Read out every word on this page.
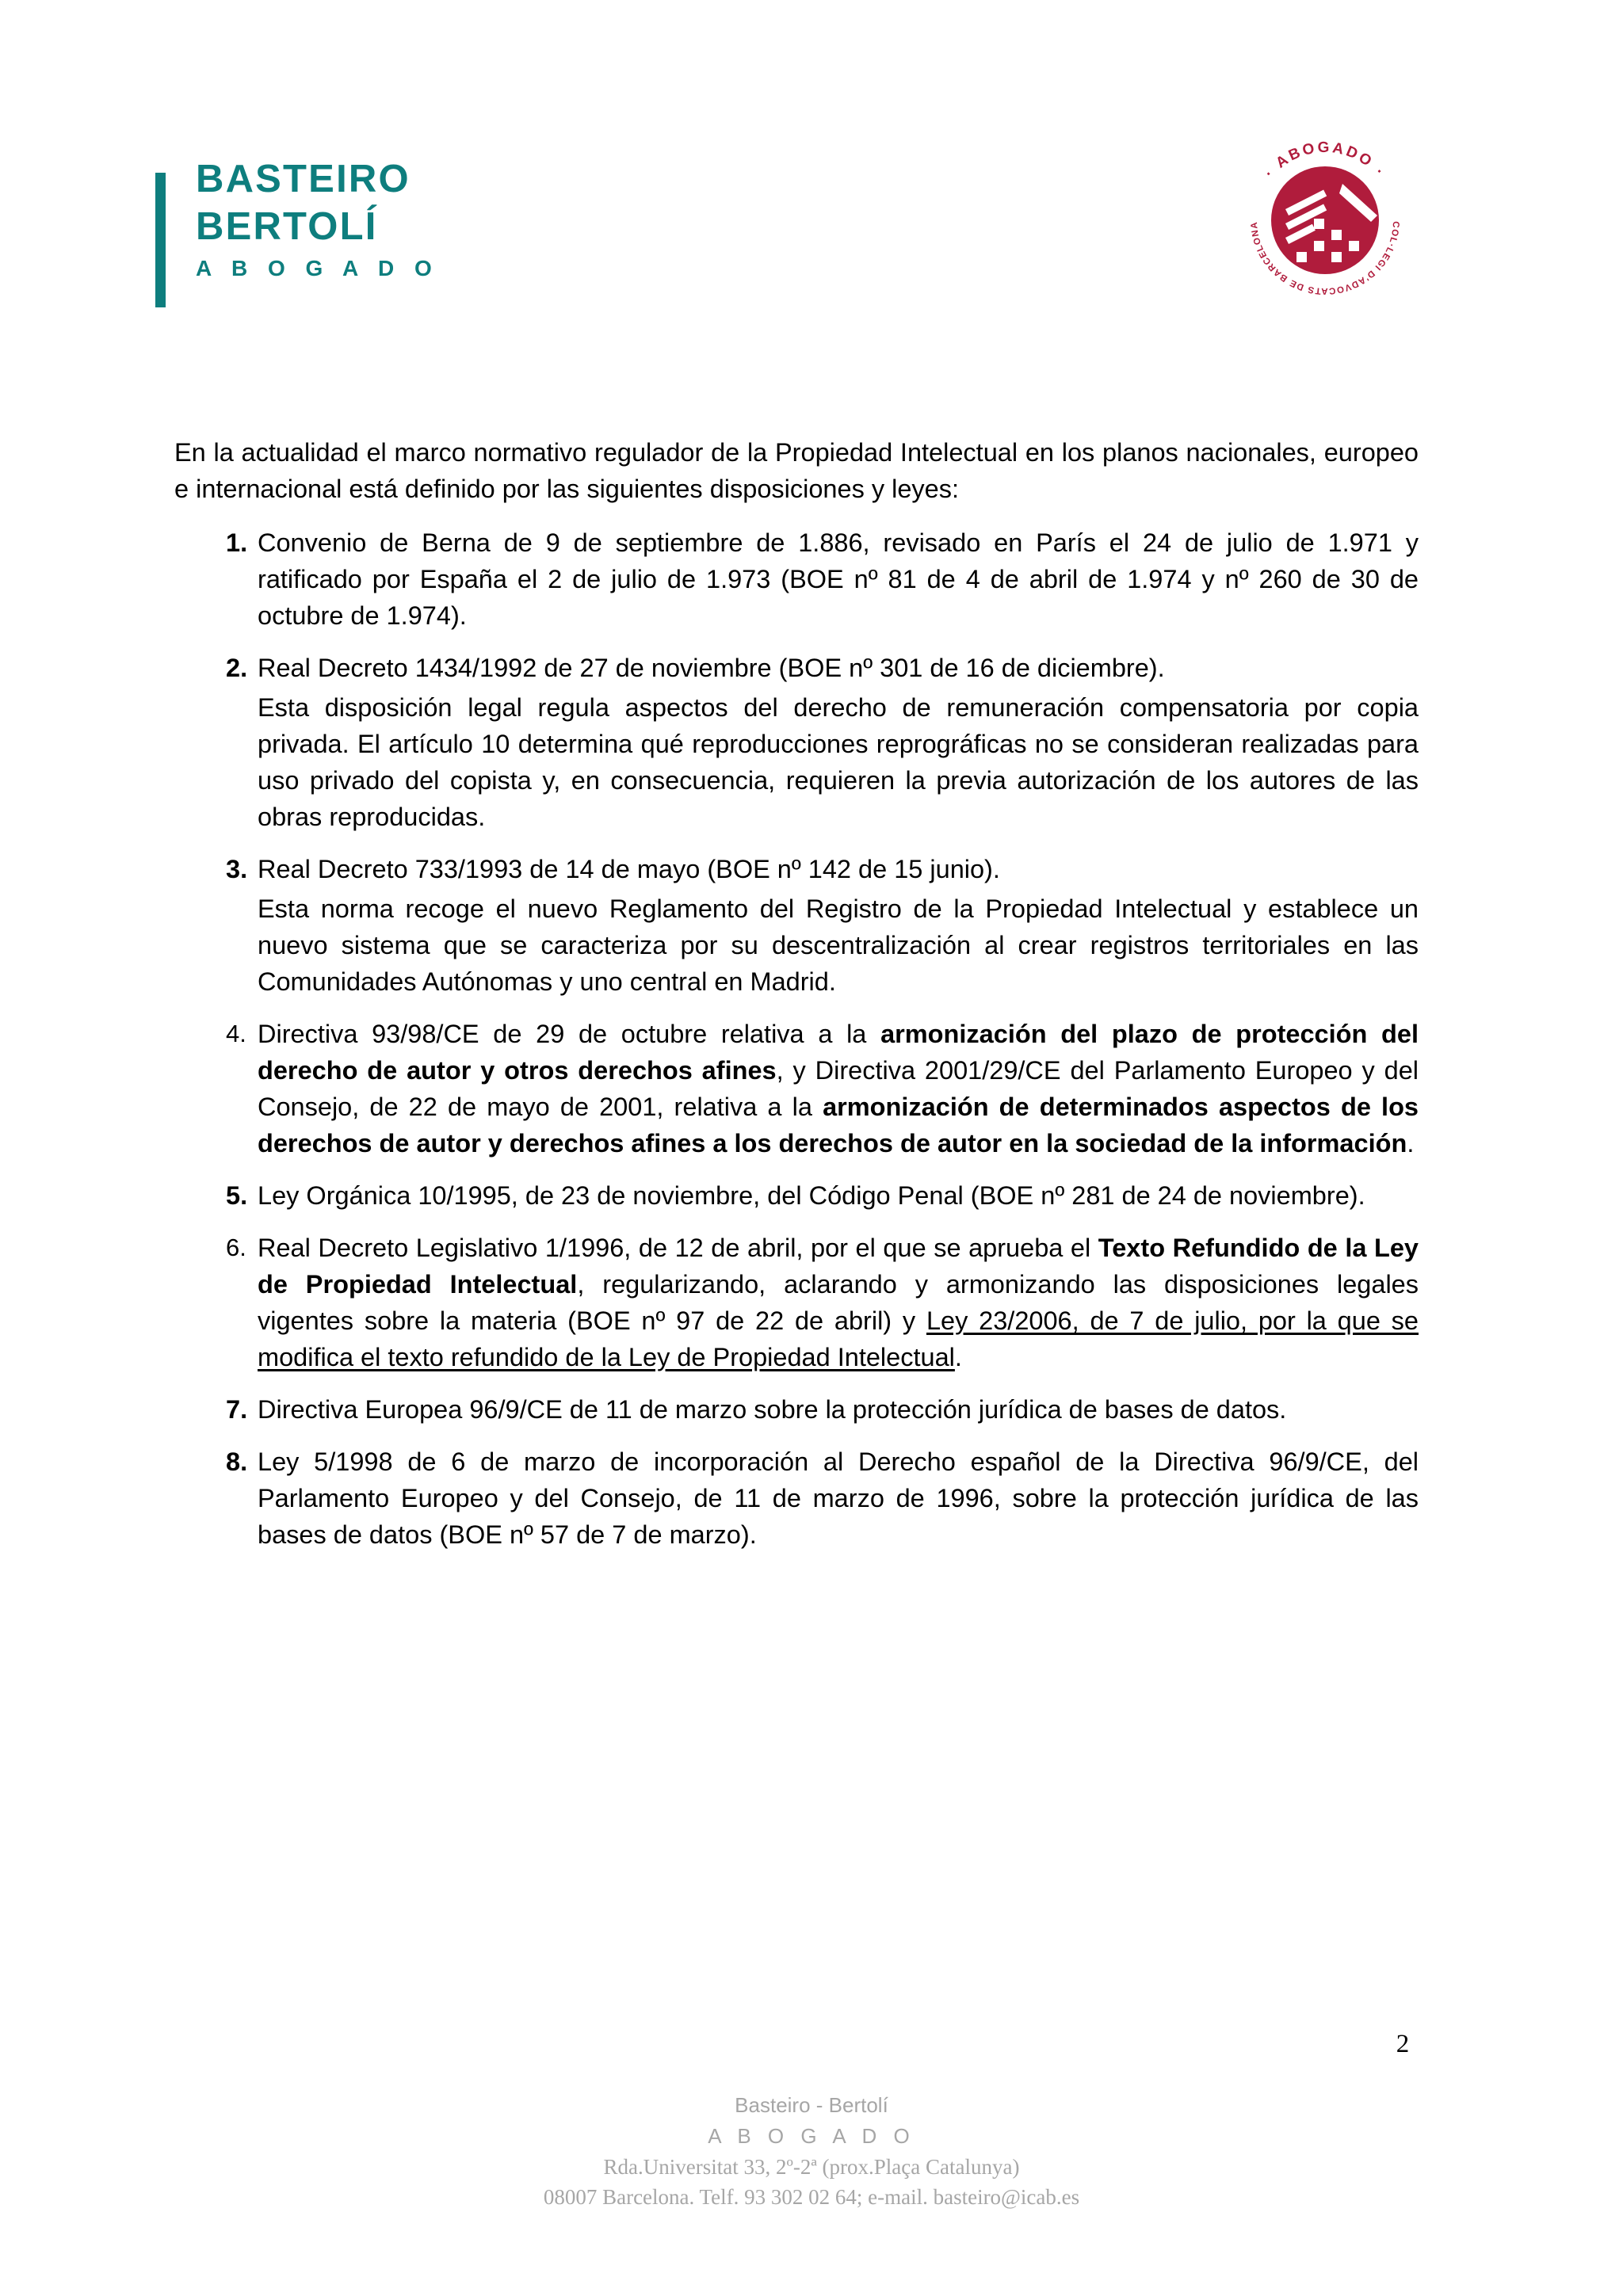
BASTEIRO
BERTOLÍ
A B O G A D O
· ABOGADO ·
COL·LEGI D'ADVOCATS DE BARCELONA

En la actualidad el marco normativo regulador de la Propiedad Intelectual en los planos nacionales, europeo e internacional está definido por las siguientes disposiciones y leyes:

1. Convenio de Berna de 9 de septiembre de 1.886, revisado en París el 24 de julio de 1.971 y ratificado por España el 2 de julio de 1.973 (BOE nº 81 de 4 de abril de 1.974 y nº 260 de 30 de octubre de 1.974).

2. Real Decreto 1434/1992 de 27 de noviembre (BOE nº 301 de 16 de diciembre).

Esta disposición legal regula aspectos del derecho de remuneración compensatoria por copia privada. El artículo 10 determina qué reproducciones reprográficas no se consideran realizadas para uso privado del copista y, en consecuencia, requieren la previa autorización de los autores de las obras reproducidas.

3. Real Decreto 733/1993 de 14 de mayo (BOE nº 142 de 15 junio).

Esta norma recoge el nuevo Reglamento del Registro de la Propiedad Intelectual y establece un nuevo sistema que se caracteriza por su descentralización al crear registros territoriales en las Comunidades Autónomas y uno central en Madrid.

4. Directiva 93/98/CE de 29 de octubre relativa a la armonización del plazo de protección del derecho de autor y otros derechos afines, y Directiva 2001/29/CE del Parlamento Europeo y del Consejo, de 22 de mayo de 2001, relativa a la armonización de determinados aspectos de los derechos de autor y derechos afines a los derechos de autor en la sociedad de la información.

5. Ley Orgánica 10/1995, de 23 de noviembre, del Código Penal (BOE nº 281 de 24 de noviembre).

6. Real Decreto Legislativo 1/1996, de 12 de abril, por el que se aprueba el Texto Refundido de la Ley de Propiedad Intelectual, regularizando, aclarando y armonizando las disposiciones legales vigentes sobre la materia (BOE nº 97 de 22 de abril) y Ley 23/2006, de 7 de julio, por la que se modifica el texto refundido de la Ley de Propiedad Intelectual.

7. Directiva Europea 96/9/CE de 11 de marzo sobre la protección jurídica de bases de datos.

8. Ley 5/1998 de 6 de marzo de incorporación al Derecho español de la Directiva 96/9/CE, del Parlamento Europeo y del Consejo, de 11 de marzo de 1996, sobre la protección jurídica de las bases de datos (BOE nº 57 de 7 de marzo).

2
Basteiro - Bertolí
A B O G A D O
Rda.Universitat 33, 2º-2ª (prox.Plaça Catalunya)
08007 Barcelona. Telf. 93 302 02 64; e-mail. basteiro@icab.es
